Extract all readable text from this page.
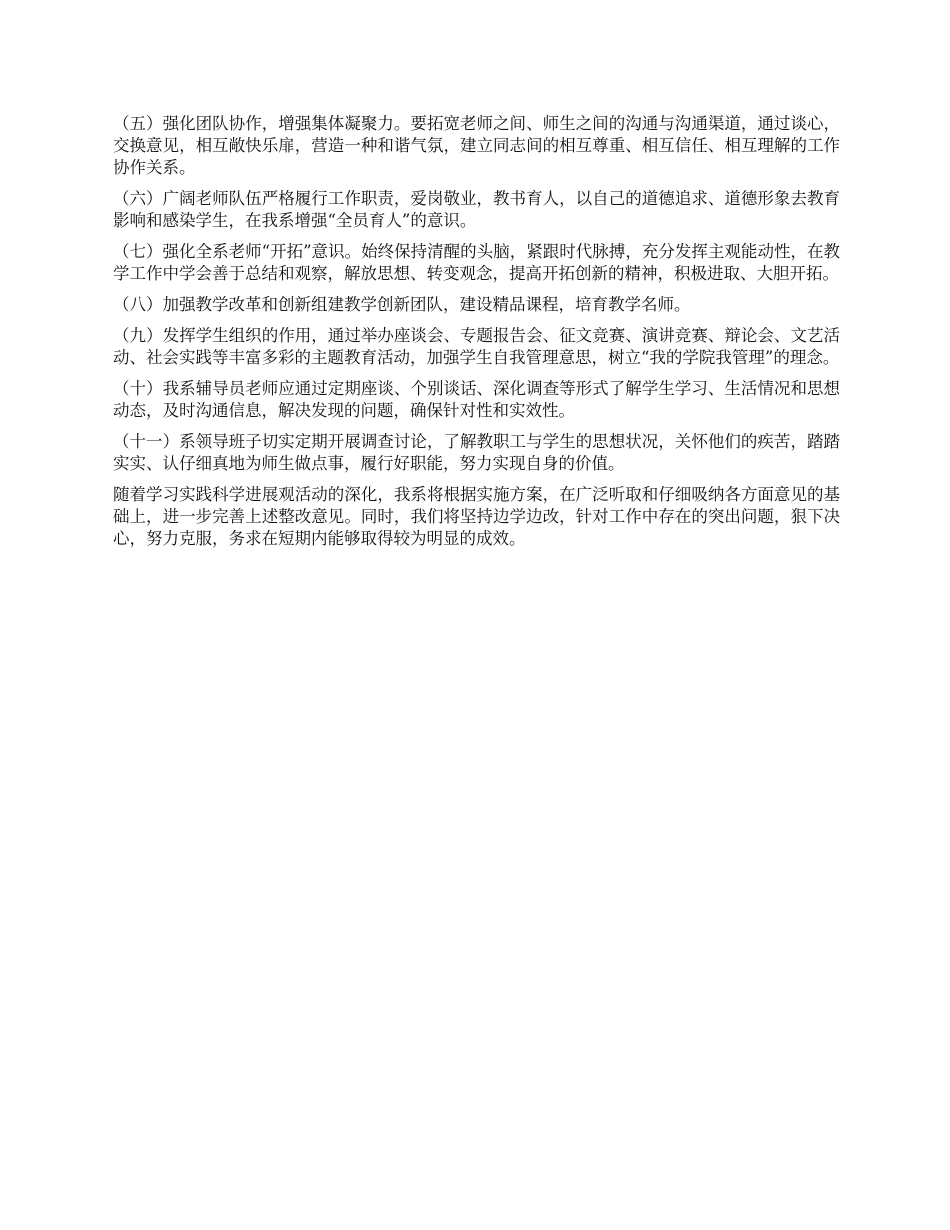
（五）强化团队协作，增强集体凝聚力。要拓宽老师之间、师生之间的沟通与沟通渠道，通过谈心，交换意见，相互敞快乐扉，营造一种和谐气氛，建立同志间的相互尊重、相互信任、相互理解的工作协作关系。

（六）广阔老师队伍严格履行工作职责，爱岗敬业，教书育人，以自己的道德追求、道德形象去教育影响和感染学生，在我系增强“全员育人”的意识。

（七）强化全系老师“开拓”意识。始终保持清醒的头脑，紧跟时代脉搏，充分发挥主观能动性，在教学工作中学会善于总结和观察，解放思想、转变观念，提高开拓创新的精神，积极进取、大胆开拓。

（八）加强教学改革和创新组建教学创新团队，建设精品课程，培育教学名师。

（九）发挥学生组织的作用，通过举办座谈会、专题报告会、征文竞赛、演讲竞赛、辩论会、文艺活动、社会实践等丰富多彩的主题教育活动，加强学生自我管理意思，树立“我的学院我管理”的理念。

（十）我系辅导员老师应通过定期座谈、个别谈话、深化调查等形式了解学生学习、生活情况和思想动态，及时沟通信息，解决发现的问题，确保针对性和实效性。

（十一）系领导班子切实定期开展调查讨论，了解教职工与学生的思想状况，关怀他们的疾苦，踏踏实实、认仔细真地为师生做点事，履行好职能，努力实现自身的价值。

随着学习实践科学进展观活动的深化，我系将根据实施方案，在广泛听取和仔细吸纳各方面意见的基础上，进一步完善上述整改意见。同时，我们将坚持边学边改，针对工作中存在的突出问题，狠下决心，努力克服，务求在短期内能够取得较为明显的成效。
